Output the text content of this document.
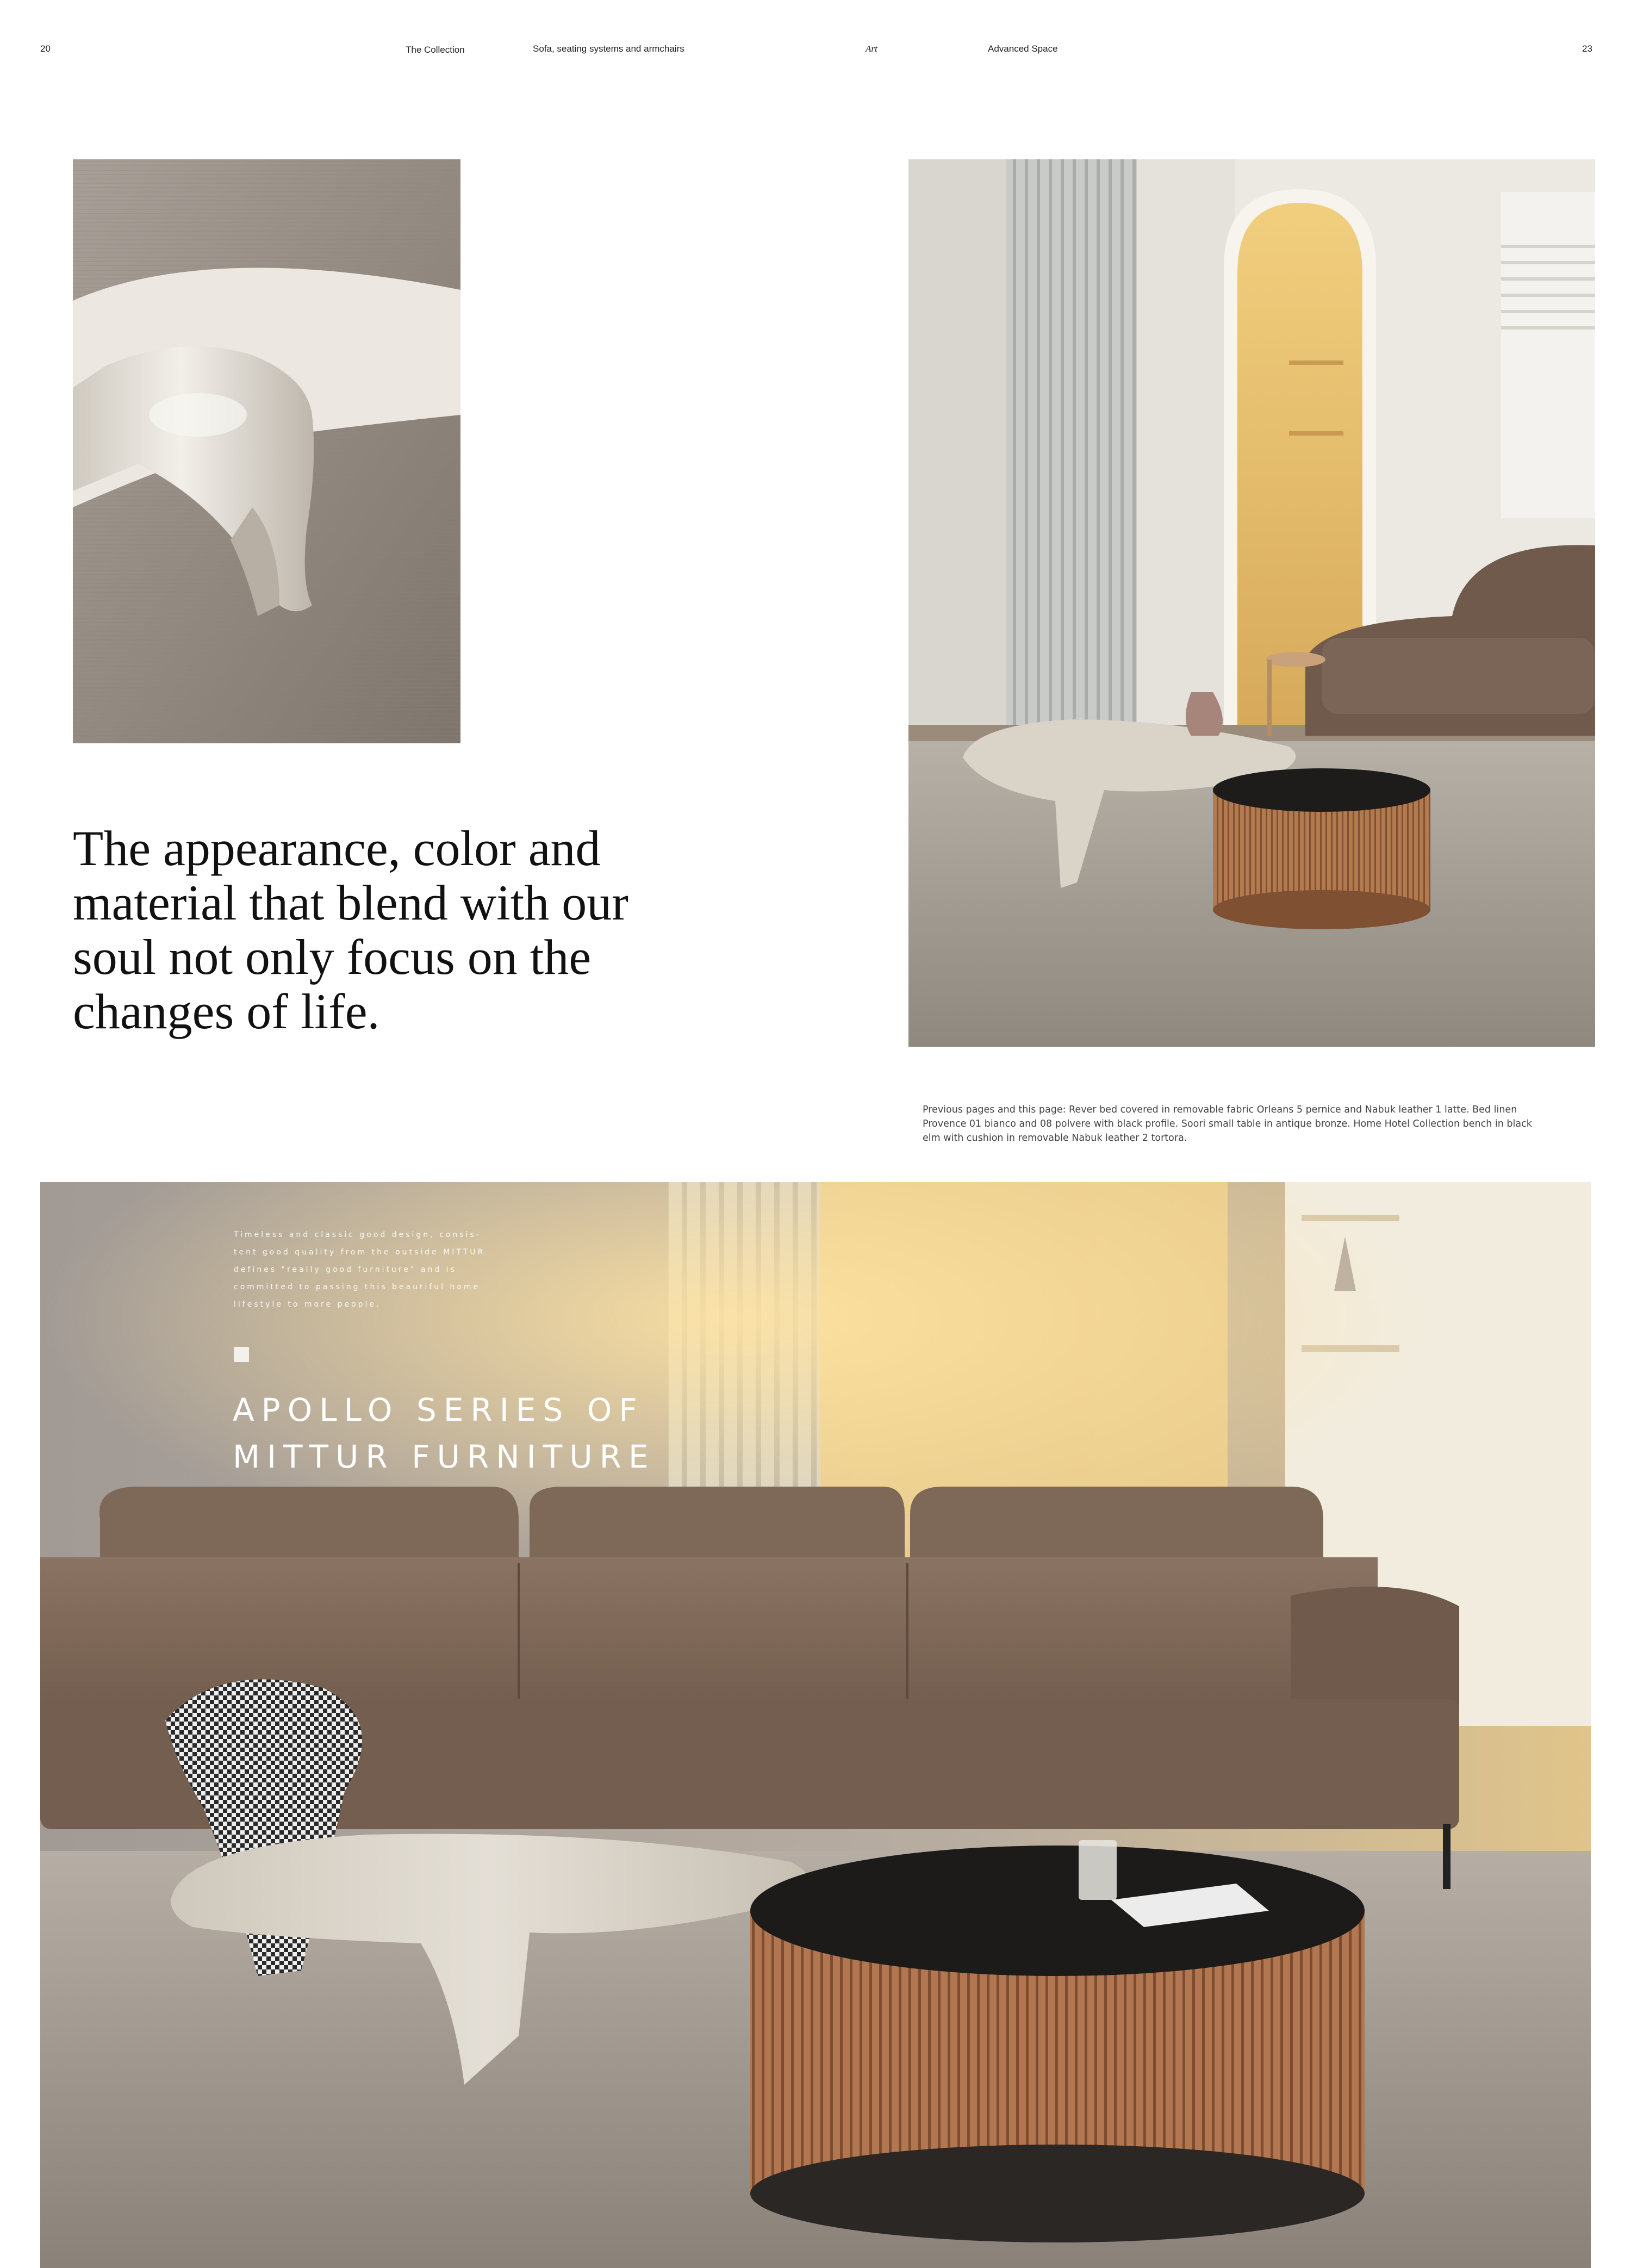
20	The Collection	Sofa, seating systems and armchairs	Art	Advanced Space	23
The appearance, color and material that blend with our soul not only focus on the changes of life.
Previous pages and this page: Rever bed covered in removable fabric Orleans 5 pernice and Nabuk leather 1 latte. Bed linen Provence 01 bianco and 08 polvere with black profile. Soori small table in antique bronze. Home Hotel Collection bench in black elm with cushion in removable Nabuk leather 2 tortora.
Timeless and classic good design, consis-
tent good quality from the outside MITTUR
defines "really good furniture" and is
committed to passing this beautiful home
lifestyle to more people.
APOLLO SERIES OF
MITTUR FURNITURE
